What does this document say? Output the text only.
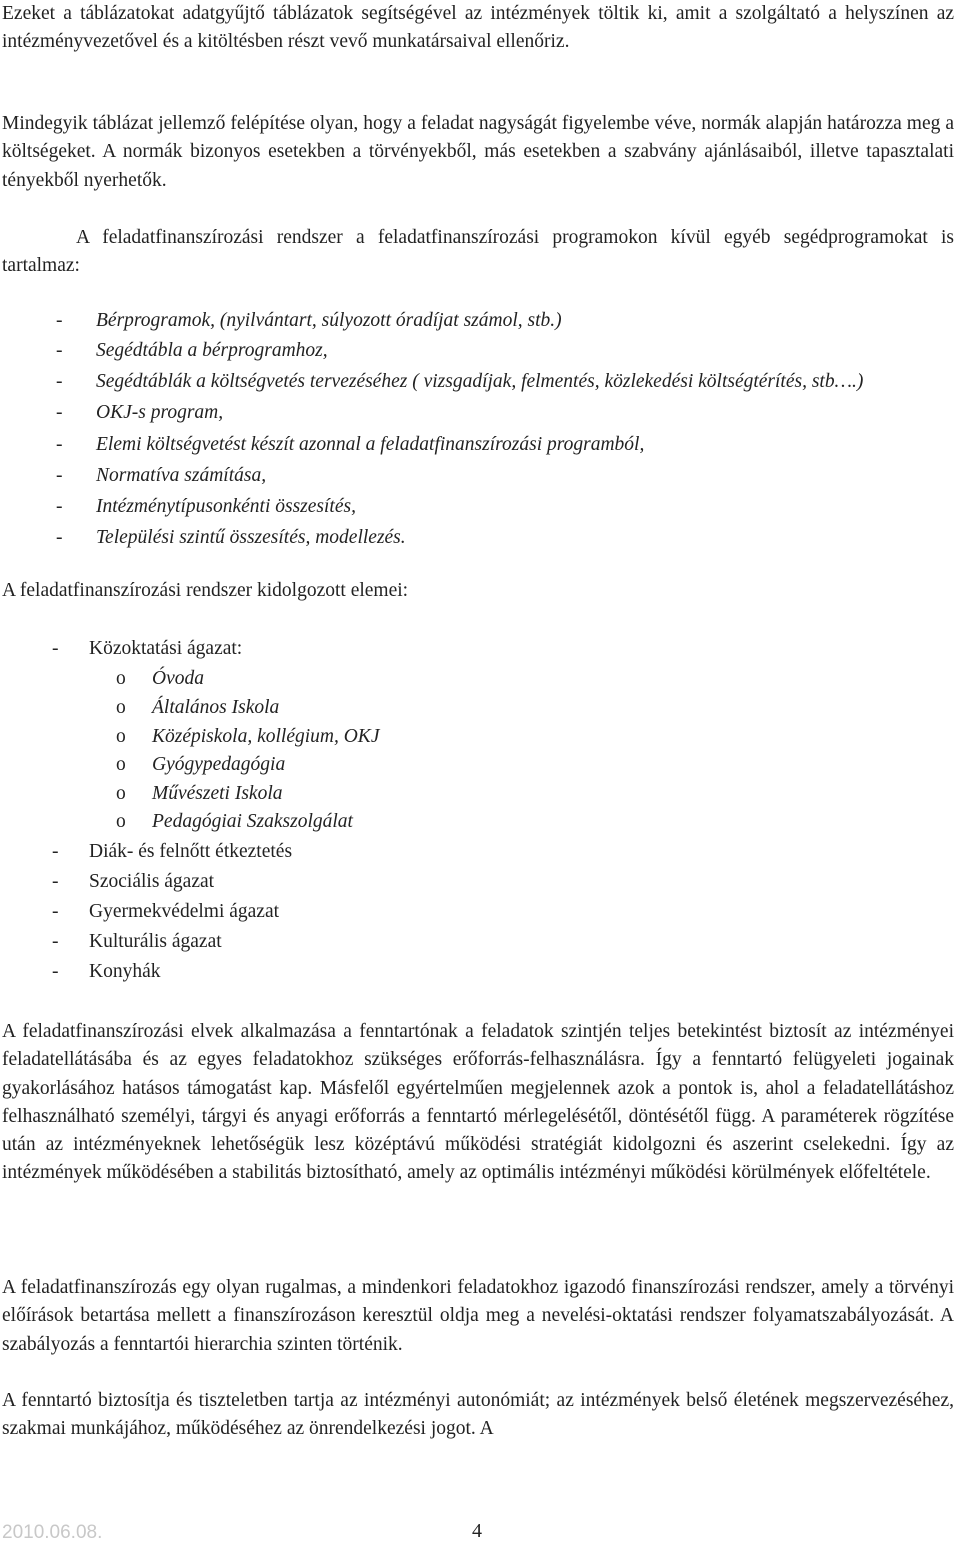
Ezeket a táblázatokat adatgyűjtő táblázatok segítségével az intézmények töltik ki, amit a szolgáltató a helyszínen az intézményvezetővel és a kitöltésben részt vevő munkatársaival ellenőriz.

Mindegyik táblázat jellemző felépítése olyan, hogy a feladat nagyságát figyelembe véve, normák alapján határozza meg a költségeket. A normák bizonyos esetekben a törvényekből, más esetekben a szabvány ajánlásaiból, illetve tapasztalati tényekből nyerhetők.

A feladatfinanszírozási rendszer a feladatfinanszírozási programokon kívül egyéb segédprogramokat is tartalmaz:

- Bérprogramok, (nyilvántart, súlyozott óradíjat számol, stb.)
- Segédtábla a bérprogramhoz,
- Segédtáblák a költségvetés tervezéséhez ( vizsgadíjak, felmentés, közlekedési költségtérítés, stb….)
- OKJ-s program,
- Elemi költségvetést készít azonnal a feladatfinanszírozási programból,
- Normatíva számítása,
- Intézménytípusonkénti összesítés,
- Települési szintű összesítés, modellezés.
A feladatfinanszírozási rendszer kidolgozott elemei:
- Közoktatási ágazat:
o Óvoda
o Általános Iskola
o Középiskola, kollégium, OKJ
o Gyógypedagógia
o Művészeti Iskola
o Pedagógiai Szakszolgálat
- Diák- és felnőtt étkeztetés
- Szociális ágazat
- Gyermekvédelmi ágazat
- Kulturális ágazat
- Konyhák

A feladatfinanszírozási elvek alkalmazása a fenntartónak a feladatok szintjén teljes betekintést biztosít az intézményei feladatellátásába és az egyes feladatokhoz szükséges erőforrás-felhasználásra. Így a fenntartó felügyeleti jogainak gyakorlásához hatásos támogatást kap. Másfelől egyértelműen megjelennek azok a pontok is, ahol a feladatellátáshoz felhasználható személyi, tárgyi és anyagi erőforrás a fenntartó mérlegelésétől, döntésétől függ. A paraméterek rögzítése után az intézményeknek lehetőségük lesz középtávú működési stratégiát kidolgozni és aszerint cselekedni. Így az intézmények működésében a stabilitás biztosítható, amely az optimális intézményi működési körülmények előfeltétele.

A feladatfinanszírozás egy olyan rugalmas, a mindenkori feladatokhoz igazodó finanszírozási rendszer, amely a törvényi előírások betartása mellett a finanszírozáson keresztül oldja meg a nevelési-oktatási rendszer folyamatszabályozását. A szabályozás a fenntartói hierarchia szinten történik.

A fenntartó biztosítja és tiszteletben tartja az intézményi autonómiát; az intézmények belső életének megszervezéséhez, szakmai munkájához, működéséhez az önrendelkezési jogot. A

2010.06.08.	4
